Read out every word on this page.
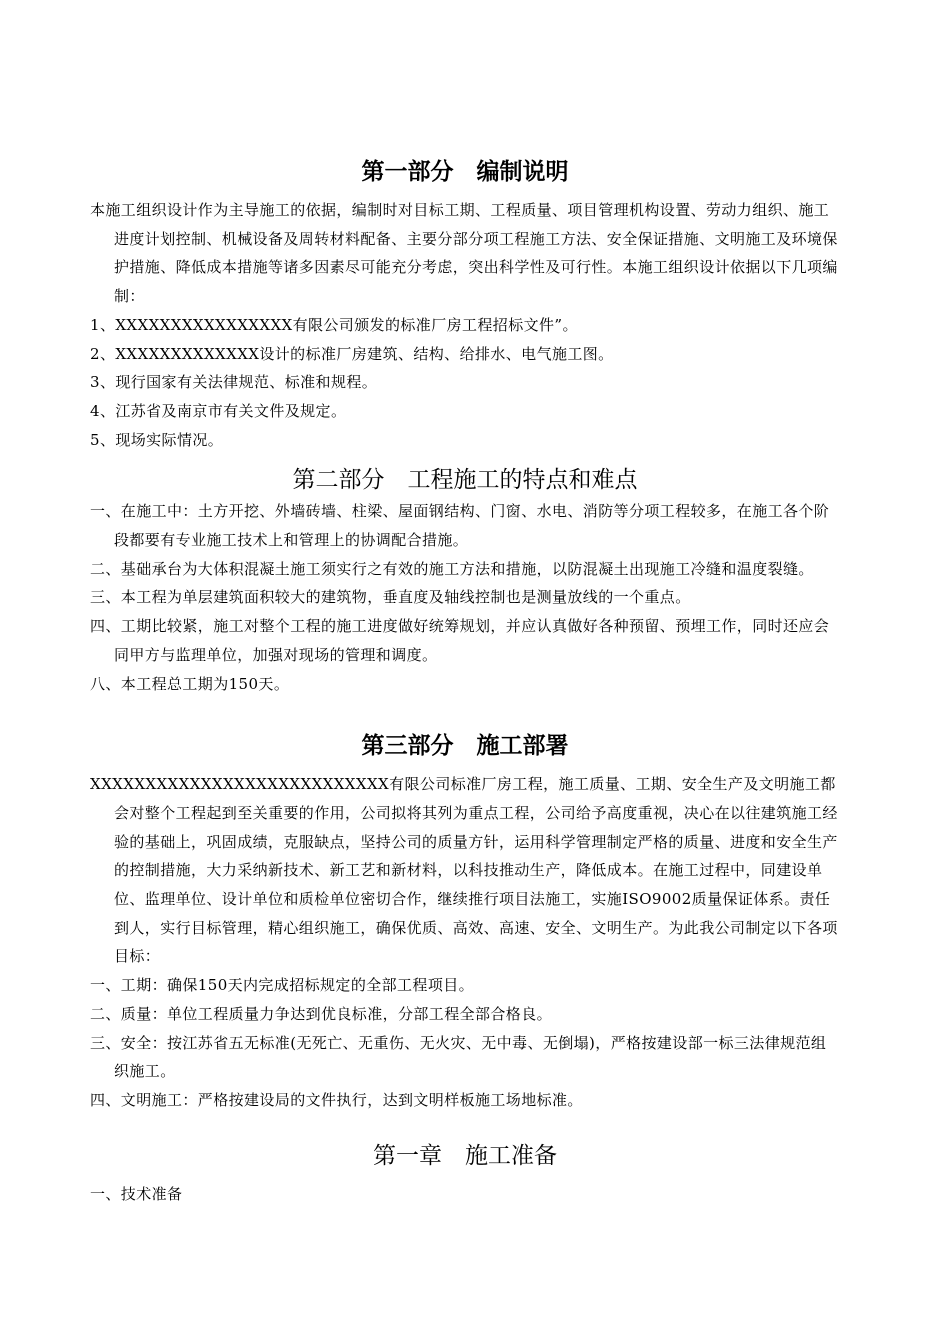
第一部分　编制说明

本施工组织设计作为主导施工的依据，编制时对目标工期、工程质量、项目管理机构设置、劳动力组织、施工进度计划控制、机械设备及周转材料配备、主要分部分项工程施工方法、安全保证措施、文明施工及环境保护措施、降低成本措施等诸多因素尽可能充分考虑，突出科学性及可行性。本施工组织设计依据以下几项编制：

1、XXXXXXXXXXXXXXXX有限公司颁发的标准厂房工程招标文件”。
2、XXXXXXXXXXXXX设计的标准厂房建筑、结构、给排水、电气施工图。
3、现行国家有关法律规范、标准和规程。
4、江苏省及南京市有关文件及规定。
5、现场实际情况。
第二部分　工程施工的特点和难点
一、在施工中：土方开挖、外墙砖墙、柱梁、屋面钢结构、门窗、水电、消防等分项工程较多，在施工各个阶段都要有专业施工技术上和管理上的协调配合措施。
二、基础承台为大体积混凝土施工须实行之有效的施工方法和措施，以防混凝土出现施工冷缝和温度裂缝。
三、本工程为单层建筑面积较大的建筑物，垂直度及轴线控制也是测量放线的一个重点。
四、工期比较紧，施工对整个工程的施工进度做好统筹规划，并应认真做好各种预留、预埋工作，同时还应会同甲方与监理单位，加强对现场的管理和调度。
八、本工程总工期为150天。
第三部分　施工部署

XXXXXXXXXXXXXXXXXXXXXXXXXXX有限公司标准厂房工程，施工质量、工期、安全生产及文明施工都会对整个工程起到至关重要的作用，公司拟将其列为重点工程，公司给予高度重视，决心在以往建筑施工经验的基础上，巩固成绩，克服缺点，坚持公司的质量方针，运用科学管理制定严格的质量、进度和安全生产的控制措施，大力采纳新技术、新工艺和新材料，以科技推动生产，降低成本。在施工过程中，同建设单位、监理单位、设计单位和质检单位密切合作，继续推行项目法施工，实施ISO9002质量保证体系。责任到人，实行目标管理，精心组织施工，确保优质、高效、高速、安全、文明生产。为此我公司制定以下各项目标：

一、工期：确保150天内完成招标规定的全部工程项目。
二、质量：单位工程质量力争达到优良标准，分部工程全部合格良。
三、安全：按江苏省五无标准(无死亡、无重伤、无火灾、无中毒、无倒塌)，严格按建设部一标三法律规范组织施工。
四、文明施工：严格按建设局的文件执行，达到文明样板施工场地标准。
第一章　施工准备
一、技术准备
